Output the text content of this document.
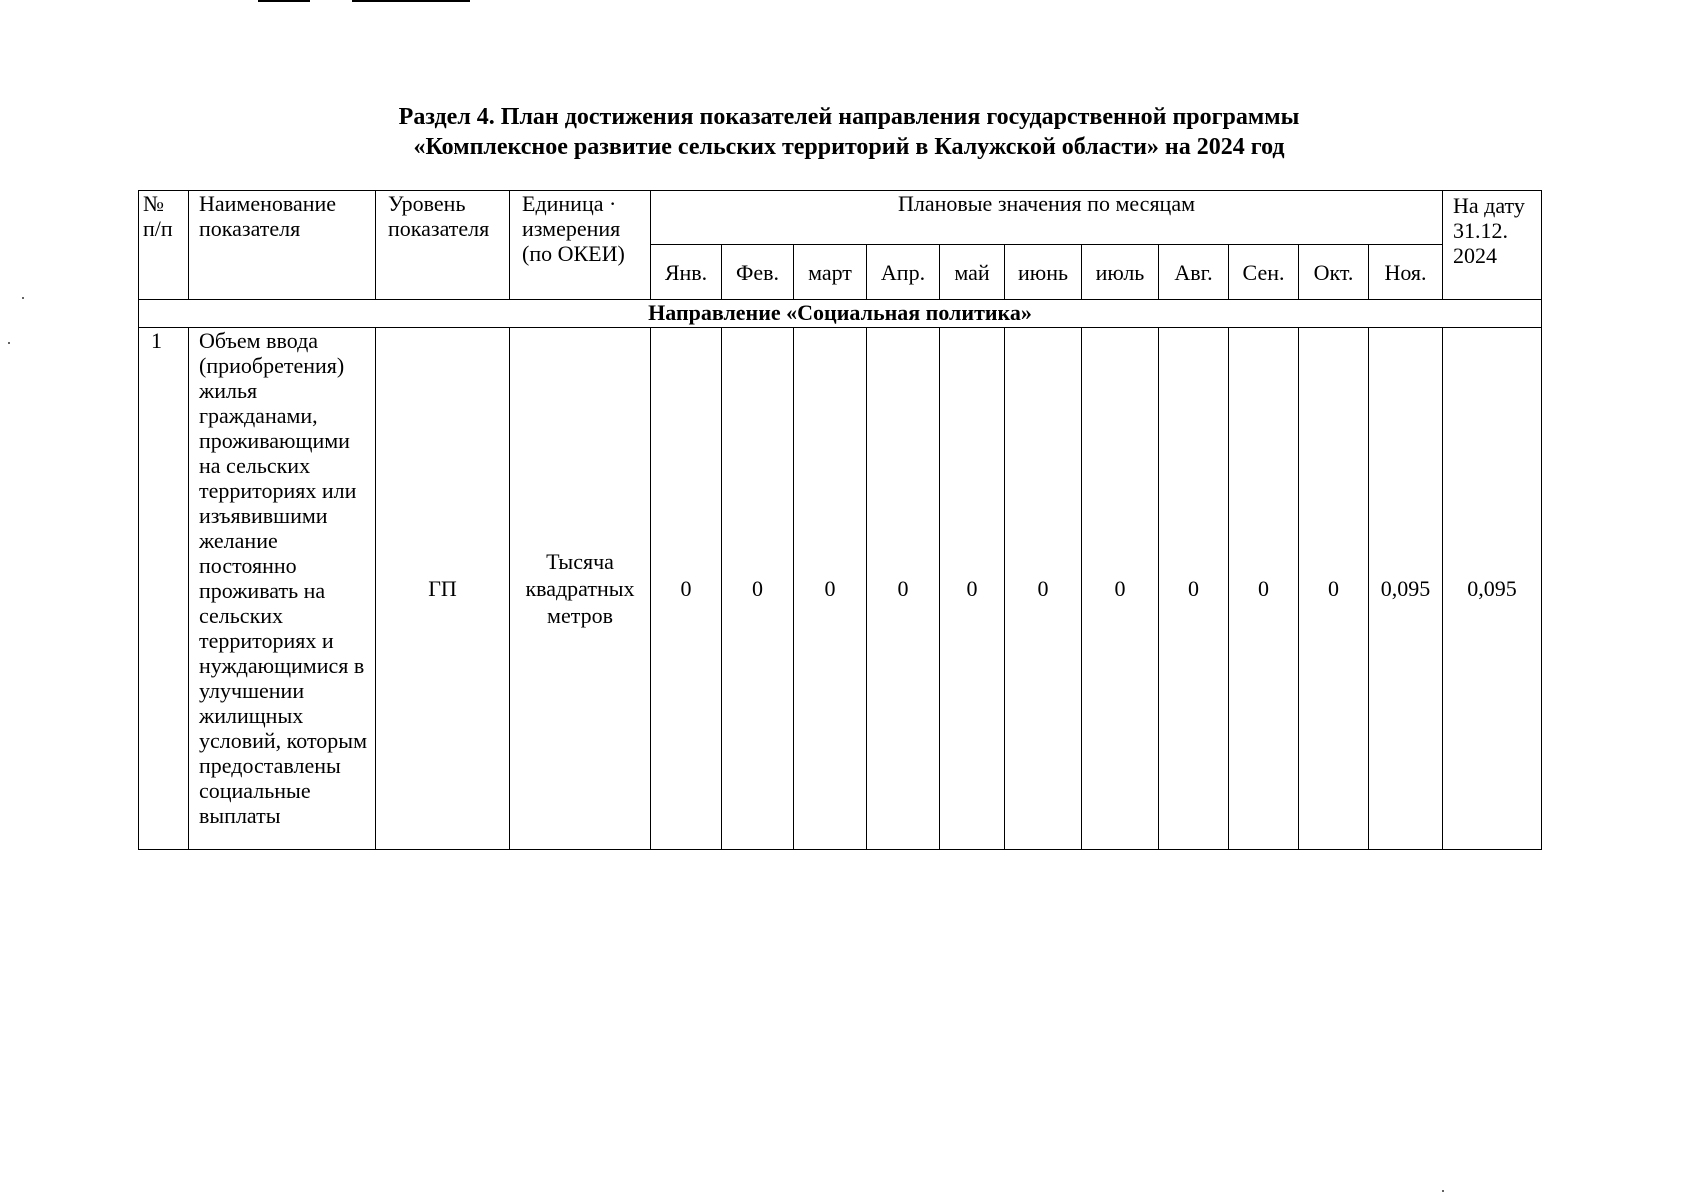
Раздел 4. План достижения показателей направления государственной программы
«Комплексное развитие сельских территорий в Калужской области» на 2024 год
№ п/п	Наименование показателя	Уровень показателя	Единица · измерения (по ОКЕИ)	Плановые значения по месяцам											На дату 31.12. 2024
				Янв.	Фев.	март	Апр.	май	июнь	июль	Авг.	Сен.	Окт.	Ноя.	
Направление «Социальная политика»															
1	Объем ввода (приобретения) жилья гражданами, проживающими на сельских территориях или изъявившими желание постоянно проживать на сельских территориях и нуждающимися в улучшении жилищных условий, которым предоставлены социальные выплаты	ГП	Тысяча квадратных метров	0	0	0	0	0	0	0	0	0	0	0,095	0,095
